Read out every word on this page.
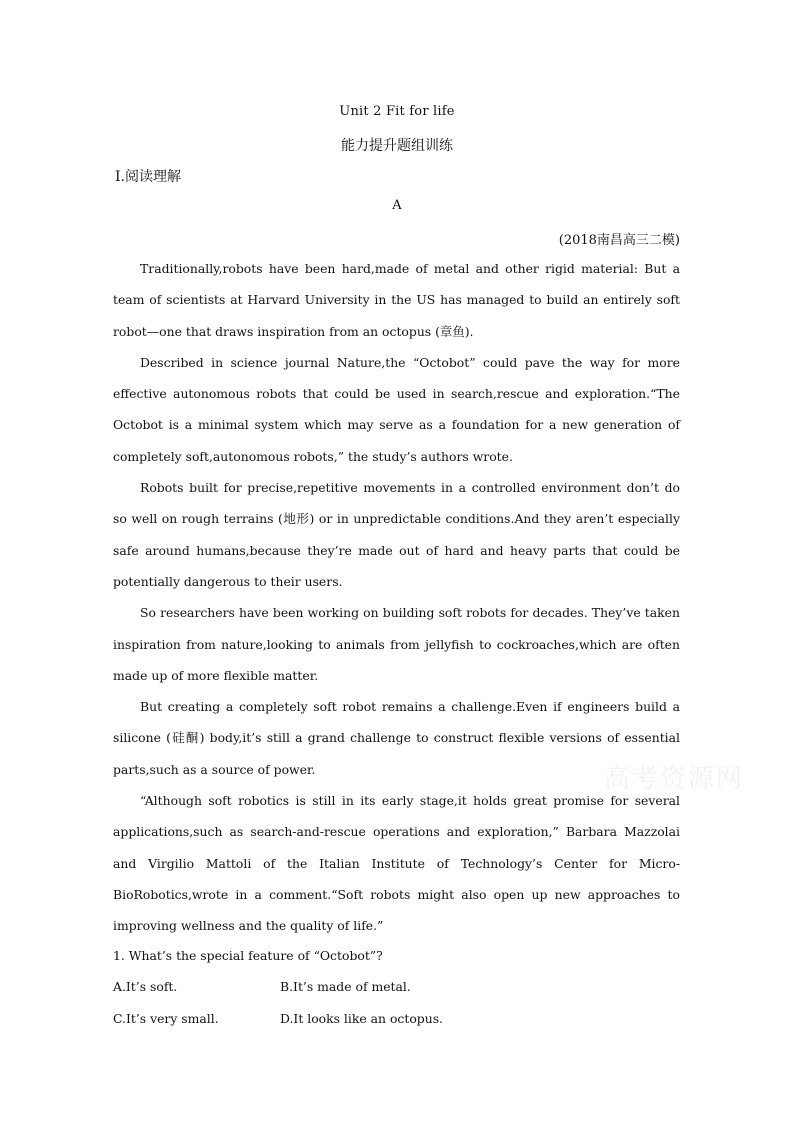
Unit 2 Fit for life
能力提升题组训练
Ⅰ.阅读理解
A
(2018南昌高三二模)

Traditionally,robots have been hard,made of metal and other rigid material: But a team of scientists at Harvard University in the US has managed to build an entirely soft robot—one that draws inspiration from an octopus (章鱼).

Described in science journal Nature,the “Octobot” could pave the way for more effective autonomous robots that could be used in search,rescue and exploration.“The Octobot is a minimal system which may serve as a foundation for a new generation of completely soft,autonomous robots,” the study’s authors wrote.

Robots built for precise,repetitive movements in a controlled environment don’t do so well on rough terrains (地形) or in unpredictable conditions.And they aren’t especially safe around humans,because they’re made out of hard and heavy parts that could be potentially dangerous to their users.

So researchers have been working on building soft robots for decades. They’ve taken inspiration from nature,looking to animals from jellyfish to cockroaches,which are often made up of more flexible matter.

But creating a completely soft robot remains a challenge.Even if engineers build a silicone (硅酮) body,it’s still a grand challenge to construct flexible versions of essential parts,such as a source of power.

“Although soft robotics is still in its early stage,it holds great promise for several applications,such as search-and-rescue operations and exploration,” Barbara Mazzolai and Virgilio Mattoli of the Italian Institute of Technology’s Center for Micro-BioRobotics,wrote in a comment.“Soft robots might also open up new approaches to improving wellness and the quality of life.”

1. What’s the special feature of “Octobot”?

A.It’s soft.	B.It’s made of metal.
C.It’s very small.	D.It looks like an octopus.
高考资源网
